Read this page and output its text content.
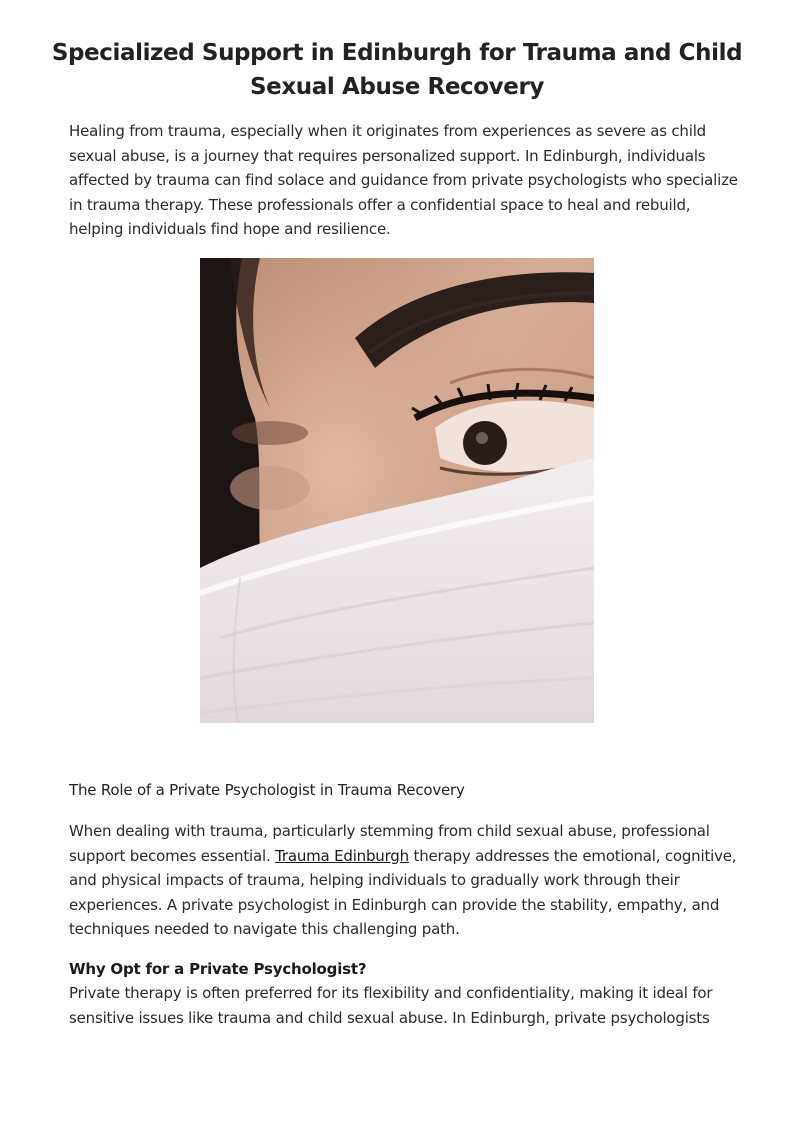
Specialized Support in Edinburgh for Trauma and Child Sexual Abuse Recovery

Healing from trauma, especially when it originates from experiences as severe as child sexual abuse, is a journey that requires personalized support. In Edinburgh, individuals affected by trauma can find solace and guidance from private psychologists who specialize in trauma therapy. These professionals offer a confidential space to heal and rebuild, helping individuals find hope and resilience.

The Role of a Private Psychologist in Trauma Recovery

When dealing with trauma, particularly stemming from child sexual abuse, professional support becomes essential. Trauma Edinburgh therapy addresses the emotional, cognitive, and physical impacts of trauma, helping individuals to gradually work through their experiences. A private psychologist in Edinburgh can provide the stability, empathy, and techniques needed to navigate this challenging path.

Why Opt for a Private Psychologist?

Private therapy is often preferred for its flexibility and confidentiality, making it ideal for sensitive issues like trauma and child sexual abuse. In Edinburgh, private psychologists
